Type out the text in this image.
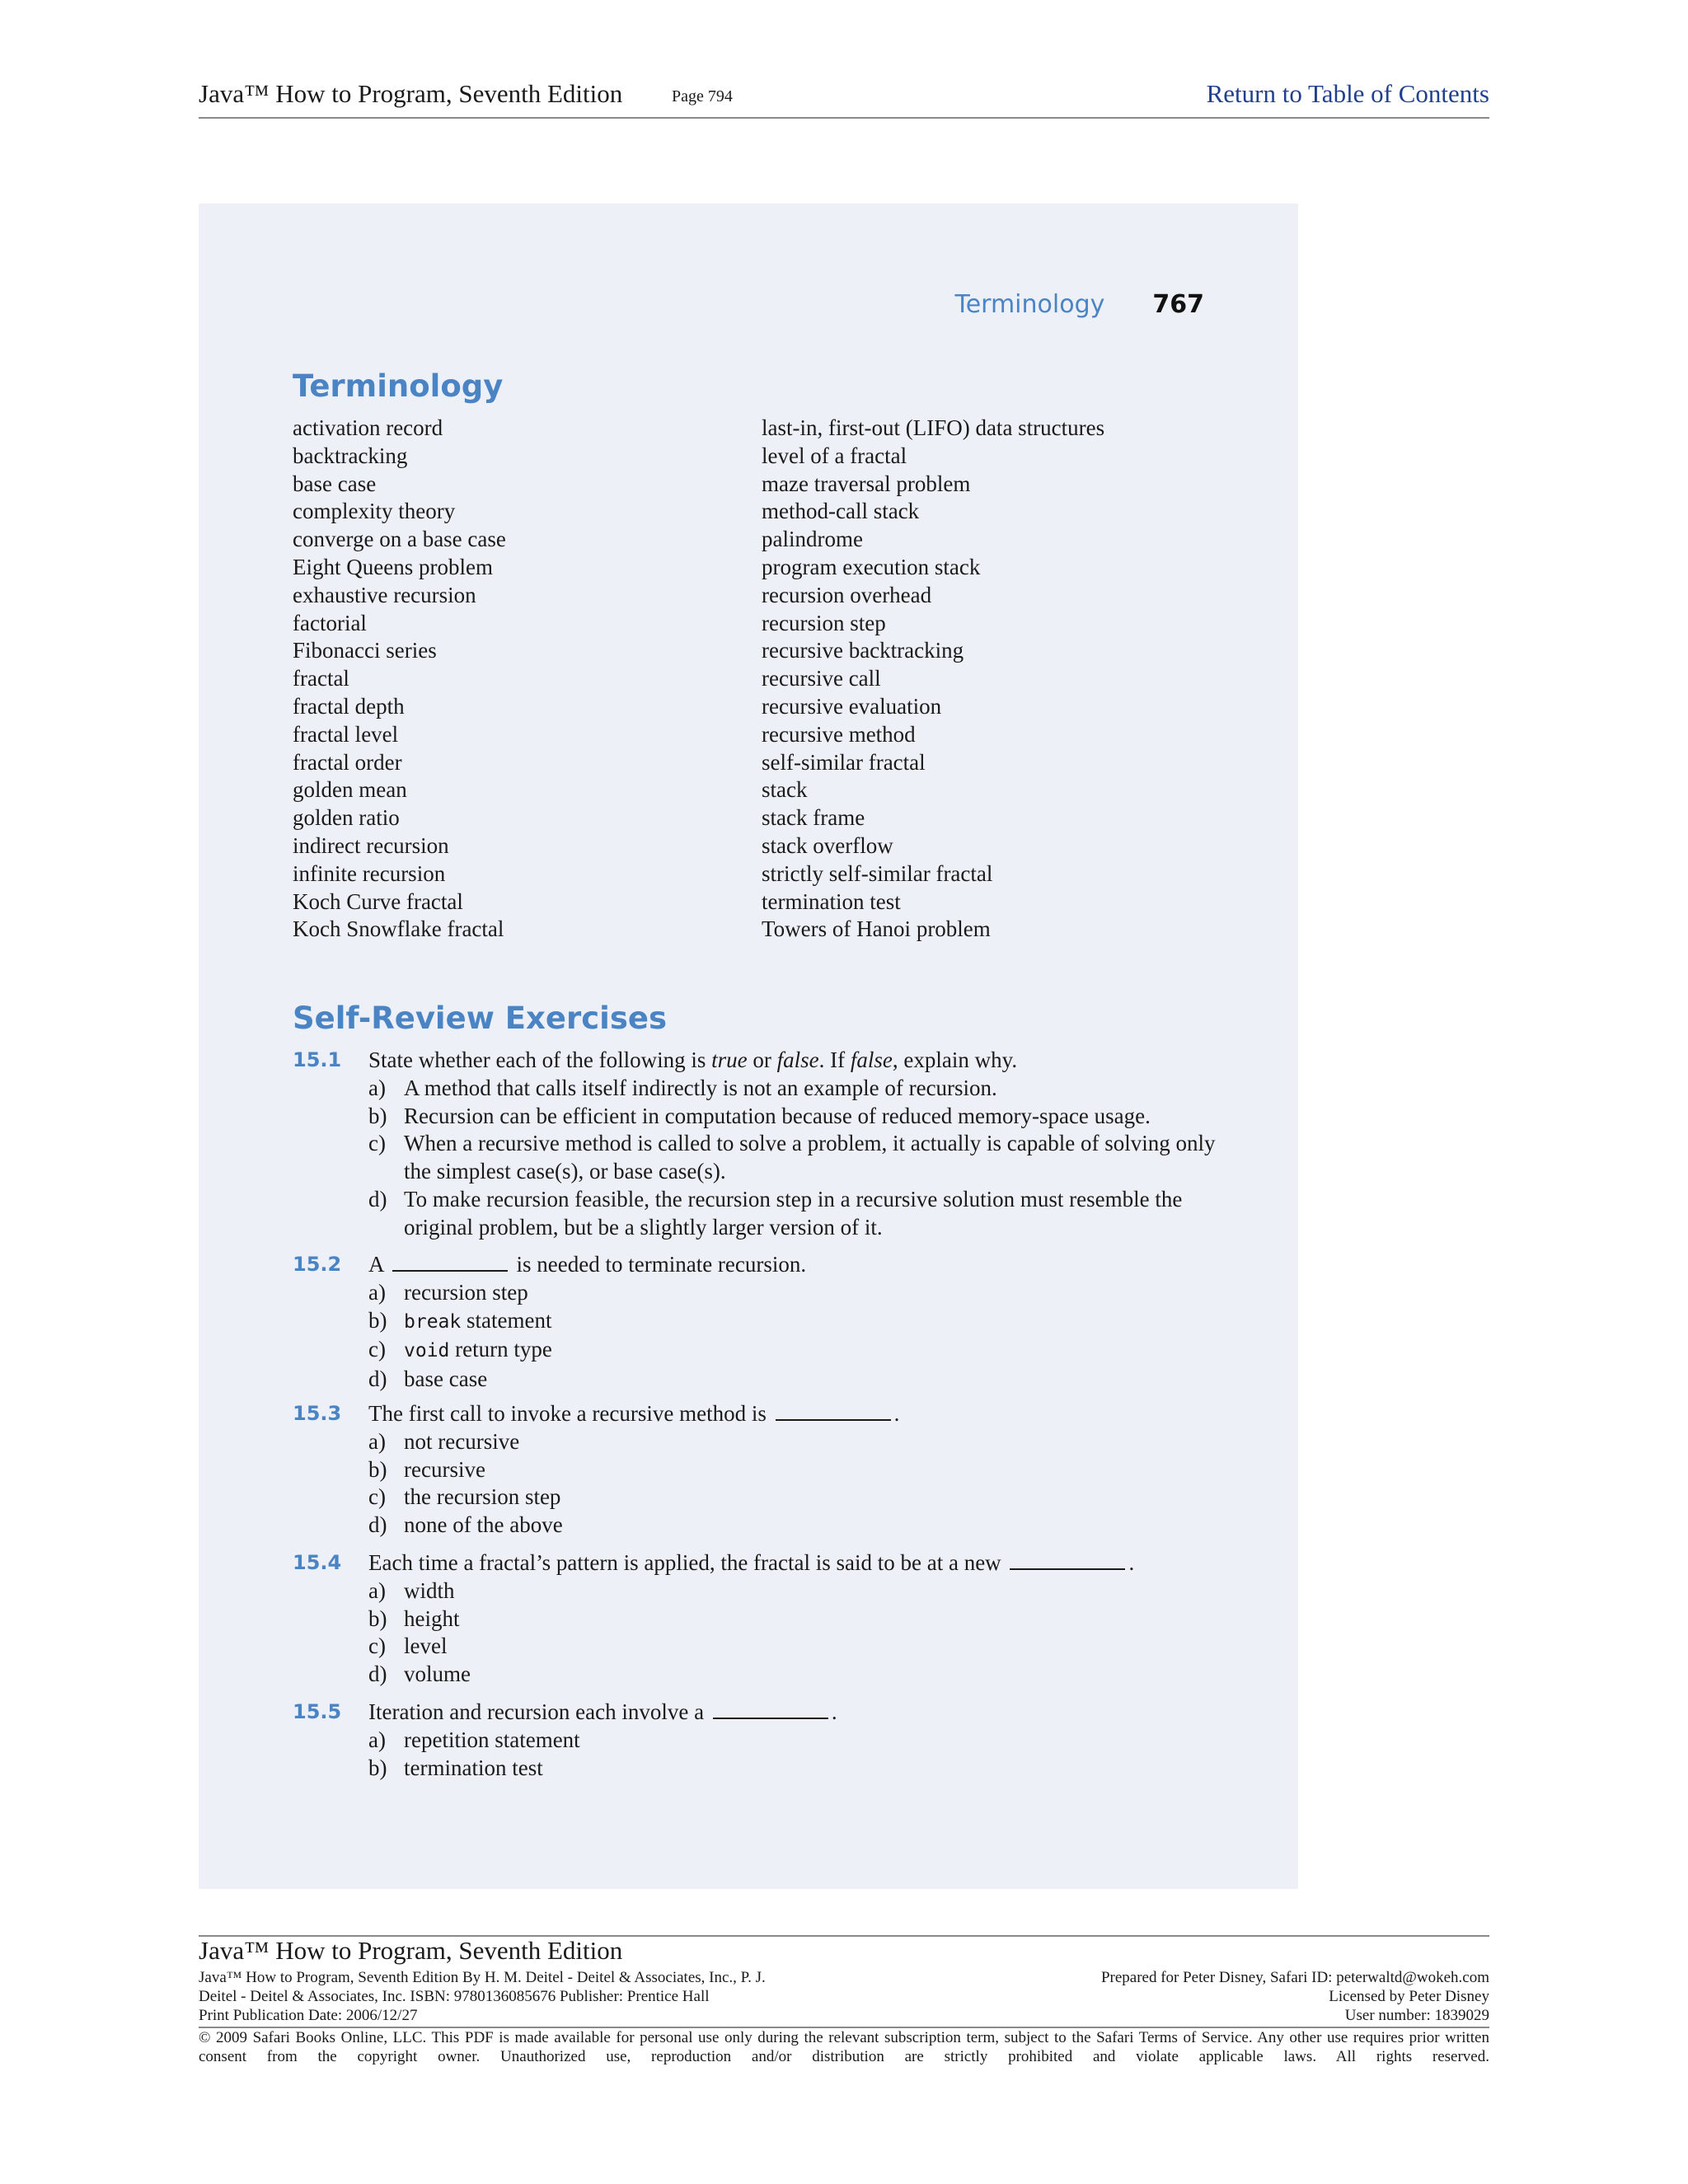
Java™ How to Program, Seventh Edition	Page 794	Return to Table of Contents
Terminology 767
Terminology
activation record
backtracking
base case
complexity theory
converge on a base case
Eight Queens problem
exhaustive recursion
factorial
Fibonacci series
fractal
fractal depth
fractal level
fractal order
golden mean
golden ratio
indirect recursion
infinite recursion
Koch Curve fractal
Koch Snowflake fractal
last-in, first-out (LIFO) data structures
level of a fractal
maze traversal problem
method-call stack
palindrome
program execution stack
recursion overhead
recursion step
recursive backtracking
recursive call
recursive evaluation
recursive method
self-similar fractal
stack
stack frame
stack overflow
strictly self-similar fractal
termination test
Towers of Hanoi problem
Self-Review Exercises
15.1 State whether each of the following is true or false. If false, explain why.
a) A method that calls itself indirectly is not an example of recursion.
b) Recursion can be efficient in computation because of reduced memory-space usage.
c) When a recursive method is called to solve a problem, it actually is capable of solving only the simplest case(s), or base case(s).
d) To make recursion feasible, the recursion step in a recursive solution must resemble the original problem, but be a slightly larger version of it.
15.2 A	is needed to terminate recursion.
a) recursion step
b) break statement
c) void return type
d) base case
15.3 The first call to invoke a recursive method is	.
a) not recursive
b) recursive
c) the recursion step
d) none of the above
15.4 Each time a fractal’s pattern is applied, the fractal is said to be at a new	.
a) width
b) height
c) level
d) volume
15.5 Iteration and recursion each involve a	.
a) repetition statement
b) termination test
Java™ How to Program, Seventh Edition
Java™ How to Program, Seventh Edition By H. M. Deitel - Deitel & Associates, Inc., P. J.
Deitel - Deitel & Associates, Inc. ISBN: 9780136085676 Publisher: Prentice Hall
Print Publication Date: 2006/12/27
Prepared for Peter Disney, Safari ID: peterwaltd@wokeh.com
Licensed by Peter Disney
User number: 1839029
© 2009 Safari Books Online, LLC. This PDF is made available for personal use only during the relevant subscription term, subject to the Safari Terms of Service. Any other use requires prior written consent from the copyright owner. Unauthorized use, reproduction and/or distribution are strictly prohibited and violate applicable laws. All rights reserved.
